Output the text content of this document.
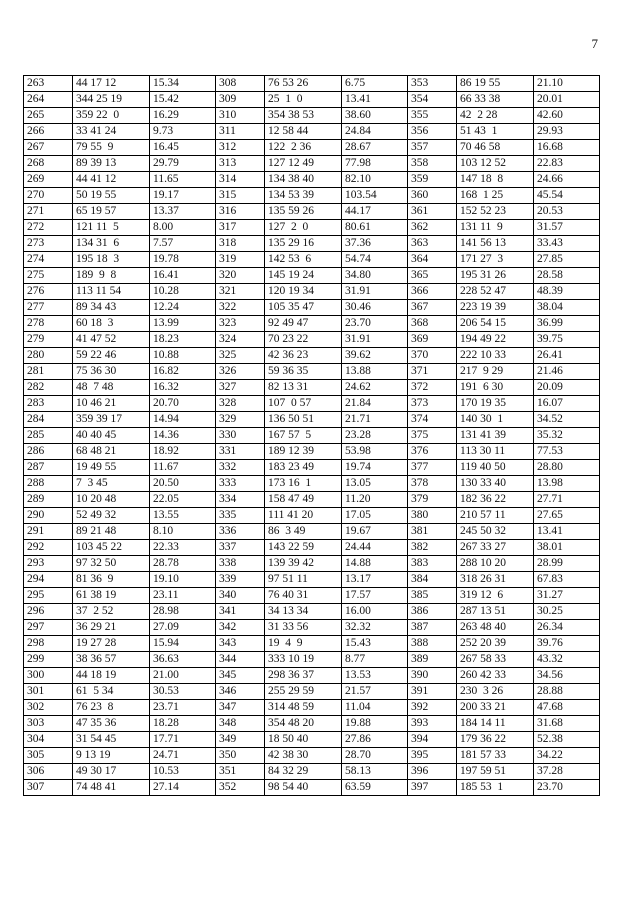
7
263	44 17 12	15.34	308	76 53 26	6.75	353	86 19 55	21.10
264	344 25 19	15.42	309	25  1  0	13.41	354	66 33 38	20.01
265	359 22  0	16.29	310	354 38 53	38.60	355	42  2 28	42.60
266	33 41 24	9.73	311	12 58 44	24.84	356	51 43  1	29.93
267	79 55  9	16.45	312	122  2 36	28.67	357	70 46 58	16.68
268	89 39 13	29.79	313	127 12 49	77.98	358	103 12 52	22.83
269	44 41 12	11.65	314	134 38 40	82.10	359	147 18  8	24.66
270	50 19 55	19.17	315	134 53 39	103.54	360	168  1 25	45.54
271	65 19 57	13.37	316	135 59 26	44.17	361	152 52 23	20.53
272	121 11  5	8.00	317	127  2  0	80.61	362	131 11  9	31.57
273	134 31  6	7.57	318	135 29 16	37.36	363	141 56 13	33.43
274	195 18  3	19.78	319	142 53  6	54.74	364	171 27  3	27.85
275	189  9  8	16.41	320	145 19 24	34.80	365	195 31 26	28.58
276	113 11 54	10.28	321	120 19 34	31.91	366	228 52 47	48.39
277	89 34 43	12.24	322	105 35 47	30.46	367	223 19 39	38.04
278	60 18  3	13.99	323	92 49 47	23.70	368	206 54 15	36.99
279	41 47 52	18.23	324	70 23 22	31.91	369	194 49 22	39.75
280	59 22 46	10.88	325	42 36 23	39.62	370	222 10 33	26.41
281	75 36 30	16.82	326	59 36 35	13.88	371	217  9 29	21.46
282	48  7 48	16.32	327	82 13 31	24.62	372	191  6 30	20.09
283	10 46 21	20.70	328	107  0 57	21.84	373	170 19 35	16.07
284	359 39 17	14.94	329	136 50 51	21.71	374	140 30  1	34.52
285	40 40 45	14.36	330	167 57  5	23.28	375	131 41 39	35.32
286	68 48 21	18.92	331	189 12 39	53.98	376	113 30 11	77.53
287	19 49 55	11.67	332	183 23 49	19.74	377	119 40 50	28.80
288	7  3 45	20.50	333	173 16  1	13.05	378	130 33 40	13.98
289	10 20 48	22.05	334	158 47 49	11.20	379	182 36 22	27.71
290	52 49 32	13.55	335	111 41 20	17.05	380	210 57 11	27.65
291	89 21 48	8.10	336	86  3 49	19.67	381	245 50 32	13.41
292	103 45 22	22.33	337	143 22 59	24.44	382	267 33 27	38.01
293	97 32 50	28.78	338	139 39 42	14.88	383	288 10 20	28.99
294	81 36  9	19.10	339	97 51 11	13.17	384	318 26 31	67.83
295	61 38 19	23.11	340	76 40 31	17.57	385	319 12  6	31.27
296	37  2 52	28.98	341	34 13 34	16.00	386	287 13 51	30.25
297	36 29 21	27.09	342	31 33 56	32.32	387	263 48 40	26.34
298	19 27 28	15.94	343	19  4  9	15.43	388	252 20 39	39.76
299	38 36 57	36.63	344	333 10 19	8.77	389	267 58 33	43.32
300	44 18 19	21.00	345	298 36 37	13.53	390	260 42 33	34.56
301	61  5 34	30.53	346	255 29 59	21.57	391	230  3 26	28.88
302	76 23  8	23.71	347	314 48 59	11.04	392	200 33 21	47.68
303	47 35 36	18.28	348	354 48 20	19.88	393	184 14 11	31.68
304	31 54 45	17.71	349	18 50 40	27.86	394	179 36 22	52.38
305	9 13 19	24.71	350	42 38 30	28.70	395	181 57 33	34.22
306	49 30 17	10.53	351	84 32 29	58.13	396	197 59 51	37.28
307	74 48 41	27.14	352	98 54 40	63.59	397	185 53  1	23.70
